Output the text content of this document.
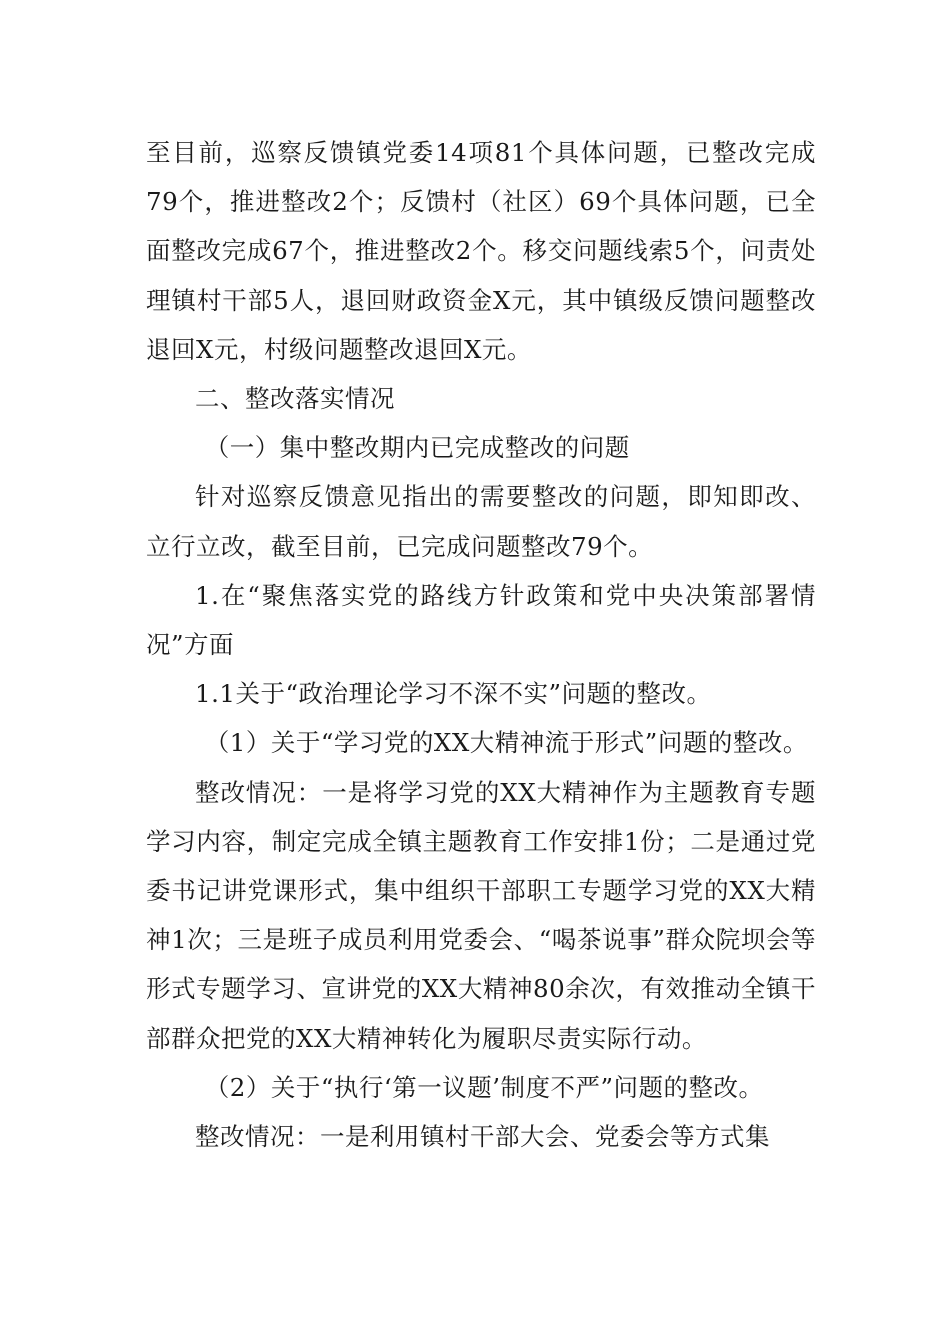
至目前，巡察反馈镇党委14项81个具体问题，已整改完成79个，推进整改2个；反馈村（社区）69个具体问题，已全面整改完成67个，推进整改2个。移交问题线索5个，问责处理镇村干部5人，退回财政资金X元，其中镇级反馈问题整改退回X元，村级问题整改退回X元。

二、整改落实情况

（一）集中整改期内已完成整改的问题

针对巡察反馈意见指出的需要整改的问题，即知即改、立行立改，截至目前，已完成问题整改79个。

1.在“聚焦落实党的路线方针政策和党中央决策部署情况”方面

1.1关于“政治理论学习不深不实”问题的整改。

（1）关于“学习党的XX大精神流于形式”问题的整改。

整改情况：一是将学习党的XX大精神作为主题教育专题学习内容，制定完成全镇主题教育工作安排1份；二是通过党委书记讲党课形式，集中组织干部职工专题学习党的XX大精神1次；三是班子成员利用党委会、“喝茶说事”群众院坝会等形式专题学习、宣讲党的XX大精神80余次，有效推动全镇干部群众把党的XX大精神转化为履职尽责实际行动。

（2）关于“执行‘第一议题’制度不严”问题的整改。

整改情况：一是利用镇村干部大会、党委会等方式集
